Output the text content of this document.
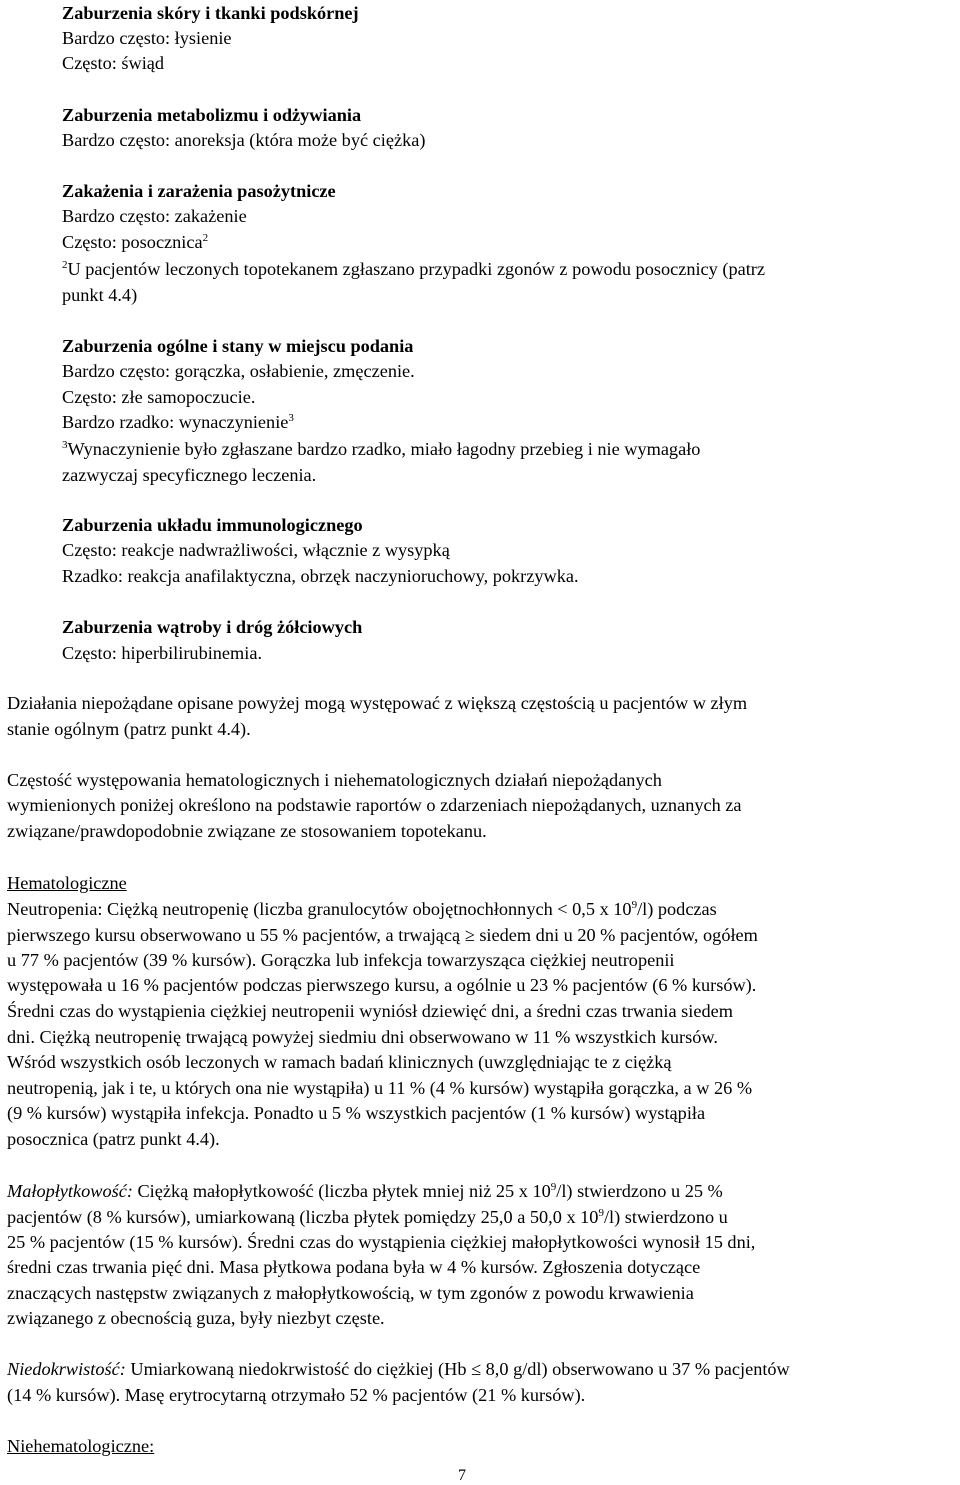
Zaburzenia skóry i tkanki podskórnej
Bardzo często: łysienie
Często: świąd
Zaburzenia metabolizmu i odżywiania
Bardzo często: anoreksja (która może być ciężka)
Zakażenia i zarażenia pasożytnicze
Bardzo często: zakażenie
Często: posocznica$^2$
$^2$U pacjentów leczonych topotekanem zgłaszano przypadki zgonów z powodu posocznicy (patrz
punkt 4.4)
Zaburzenia ogólne i stany w miejscu podania
Bardzo często: gorączka, osłabienie, zmęczenie.
Często: złe samopoczucie.
Bardzo rzadko: wynaczynienie$^3$
$^3$Wynaczynienie było zgłaszane bardzo rzadko, miało łagodny przebieg i nie wymagało
zazwyczaj specyficznego leczenia.
Zaburzenia układu immunologicznego
Często: reakcje nadwrażliwości, włącznie z wysypką
Rzadko: reakcja anafilaktyczna, obrzęk naczynioruchowy, pokrzywka.
Zaburzenia wątroby i dróg żółciowych
Często: hiperbilirubinemia.
Działania niepożądane opisane powyżej mogą występować z większą częstością u pacjentów w złym
stanie ogólnym (patrz punkt 4.4).
Częstość występowania hematologicznych i niehematologicznych działań niepożądanych
wymienionych poniżej określono na podstawie raportów o zdarzeniach niepożądanych, uznanych za
związane/prawdopodobnie związane ze stosowaniem topotekanu.
Hematologiczne
Neutropenia: Ciężką neutropenię (liczba granulocytów obojętnochłonnych < 0,5 x $10^9/l$) podczas
pierwszego kursu obserwowano u 55 % pacjentów, a trwającą ≥ siedem dni u 20 % pacjentów, ogółem
u 77 % pacjentów (39 % kursów). Gorączka lub infekcja towarzysząca ciężkiej neutropenii
występowała u 16 % pacjentów podczas pierwszego kursu, a ogólnie u 23 % pacjentów (6 % kursów).
Średni czas do wystąpienia ciężkiej neutropenii wyniósł dziewięć dni, a średni czas trwania siedem
dni. Ciężką neutropenię trwającą powyżej siedmiu dni obserwowano w 11 % wszystkich kursów.
Wśród wszystkich osób leczonych w ramach badań klinicznych (uwzględniając te z ciężką
neutropenią, jak i te, u których ona nie wystąpiła) u 11 % (4 % kursów) wystąpiła gorączka, a w 26 %
(9 % kursów) wystąpiła infekcja. Ponadto u 5 % wszystkich pacjentów (1 % kursów) wystąpiła
posocznica (patrz punkt 4.4).
Małopłytkowość: Ciężką małopłytkowość (liczba płytek mniej niż 25 x $10^9/l$) stwierdzono u 25 %
pacjentów (8 % kursów), umiarkowaną (liczba płytek pomiędzy 25,0 a 50,0 x $10^9/l$) stwierdzono u
25 % pacjentów (15 % kursów). Średni czas do wystąpienia ciężkiej małopłytkowości wynosił 15 dni,
średni czas trwania pięć dni. Masa płytkowa podana była w 4 % kursów. Zgłoszenia dotyczące
znaczących następstw związanych z małopłytkowością, w tym zgonów z powodu krwawienia
związanego z obecnością guza, były niezbyt częste.
Niedokrwistość: Umiarkowaną niedokrwistość do ciężkiej (Hb ≤ 8,0 g/dl) obserwowano u 37 % pacjentów
(14 % kursów). Masę erytrocytarną otrzymało 52 % pacjentów (21 % kursów).
Niehematologiczne:
7
